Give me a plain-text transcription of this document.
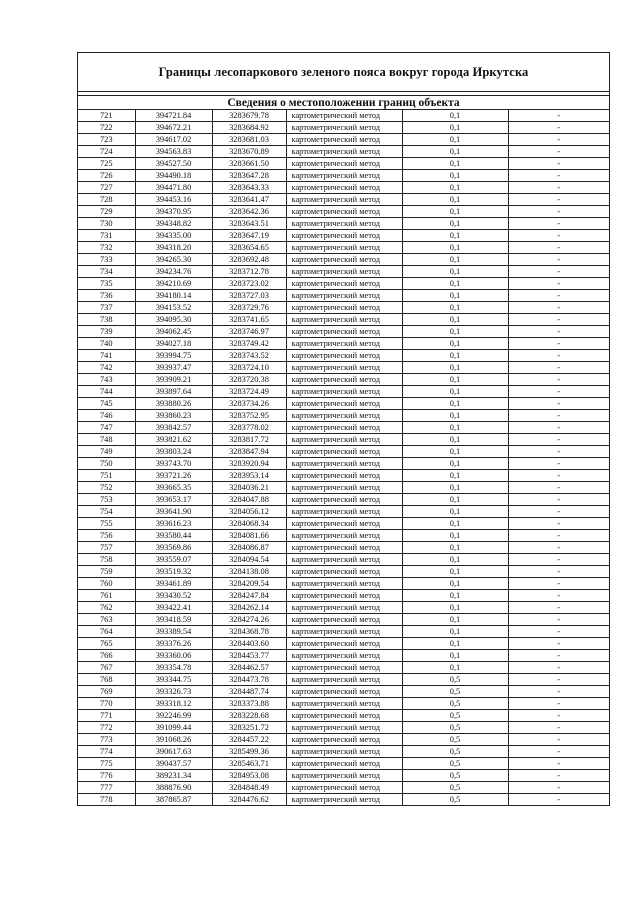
Границы лесопаркового зеленого пояса вокруг города Иркутска
Сведения о местоположении границ объекта
721	394721.84	3283679.78	картометрический метод	0,1	-
722	394672.21	3283684.92	картометрический метод	0,1	-
723	394617.02	3283681.03	картометрический метод	0,1	-
724	394563.83	3283670.89	картометрический метод	0,1	-
725	394527.50	3283661.50	картометрический метод	0,1	-
726	394490.18	3283647.28	картометрический метод	0,1	-
727	394471.80	3283643.33	картометрический метод	0,1	-
728	394453.16	3283641.47	картометрический метод	0,1	-
729	394370.95	3283642.36	картометрический метод	0,1	-
730	394348.82	3283643.51	картометрический метод	0,1	-
731	394335.00	3283647.19	картометрический метод	0,1	-
732	394318.20	3283654.65	картометрический метод	0,1	-
733	394265.30	3283692.48	картометрический метод	0,1	-
734	394234.76	3283712.78	картометрический метод	0,1	-
735	394210.69	3283723.02	картометрический метод	0,1	-
736	394180.14	3283727.03	картометрический метод	0,1	-
737	394153.52	3283729.76	картометрический метод	0,1	-
738	394095.30	3283741.65	картометрический метод	0,1	-
739	394062.45	3283746.97	картометрический метод	0,1	-
740	394027.18	3283749.42	картометрический метод	0,1	-
741	393994.75	3283743.52	картометрический метод	0,1	-
742	393937.47	3283724.10	картометрический метод	0,1	-
743	393909.21	3283720.38	картометрический метод	0,1	-
744	393897.64	3283724.49	картометрический метод	0,1	-
745	393880.26	3283734.26	картометрический метод	0,1	-
746	393860.23	3283752.95	картометрический метод	0,1	-
747	393842.57	3283778.02	картометрический метод	0,1	-
748	393821.62	3283817.72	картометрический метод	0,1	-
749	393803.24	3283847.94	картометрический метод	0,1	-
750	393743.70	3283920.94	картометрический метод	0,1	-
751	393721.26	3283953.14	картометрический метод	0,1	-
752	393665.35	3284036.21	картометрический метод	0,1	-
753	393653.17	3284047.88	картометрический метод	0,1	-
754	393641.90	3284056.12	картометрический метод	0,1	-
755	393616.23	3284068.34	картометрический метод	0,1	-
756	393580.44	3284081.66	картометрический метод	0,1	-
757	393569.86	3284086.87	картометрический метод	0,1	-
758	393559.07	3284094.54	картометрический метод	0,1	-
759	393519.32	3284138.08	картометрический метод	0,1	-
760	393461.89	3284209.54	картометрический метод	0,1	-
761	393430.52	3284247.84	картометрический метод	0,1	-
762	393422.41	3284262.14	картометрический метод	0,1	-
763	393418.59	3284274.26	картометрический метод	0,1	-
764	393389.54	3284368.78	картометрический метод	0,1	-
765	393376.26	3284403.60	картометрический метод	0,1	-
766	393360.06	3284453.77	картометрический метод	0,1	-
767	393354.78	3284462.57	картометрический метод	0,1	-
768	393344.75	3284473.78	картометрический метод	0,5	-
769	393326.73	3284487.74	картометрический метод	0,5	-
770	393318.12	3283373.88	картометрический метод	0,5	-
771	392246.99	3283228.68	картометрический метод	0,5	-
772	391099.44	3283251.72	картометрический метод	0,5	-
773	391068.26	3284457.22	картометрический метод	0,5	-
774	390617.63	3285499.36	картометрический метод	0,5	-
775	390437.57	3285463.71	картометрический метод	0,5	-
776	389231.34	3284953.08	картометрический метод	0,5	-
777	388876.90	3284848.49	картометрический метод	0,5	-
778	387865.87	3284476.62	картометрический метод	0,5	-
